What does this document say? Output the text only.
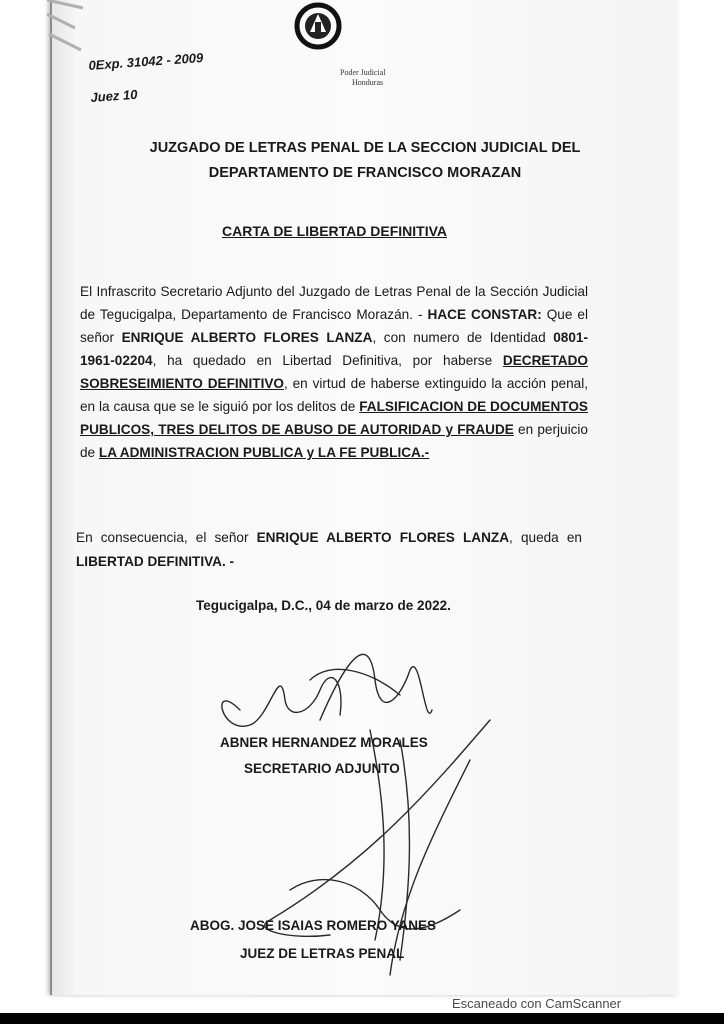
0Exp. 31042 - 2009
Juez 10
Poder Judicial
Honduras
JUZGADO DE LETRAS PENAL DE LA SECCION JUDICIAL DEL
DEPARTAMENTO DE FRANCISCO MORAZAN
CARTA DE LIBERTAD DEFINITIVA
El Infrascrito Secretario Adjunto del Juzgado de Letras Penal de la Sección Judicial
de Tegucigalpa, Departamento de Francisco Morazán. - HACE CONSTAR: Que el
señor ENRIQUE ALBERTO FLORES LANZA, con numero de Identidad 0801-
1961-02204, ha quedado en Libertad Definitiva, por haberse DECRETADO
SOBRESEIMIENTO DEFINITIVO, en virtud de haberse extinguido la acción penal,
en la causa que se le siguió por los delitos de FALSIFICACION DE DOCUMENTOS
PUBLICOS, TRES DELITOS DE ABUSO DE AUTORIDAD y FRAUDE en perjuicio
de LA ADMINISTRACION PUBLICA y LA FE PUBLICA.-
En consecuencia, el señor ENRIQUE ALBERTO FLORES LANZA, queda en
LIBERTAD DEFINITIVA. -
Tegucigalpa, D.C., 04 de marzo de 2022.
ABNER HERNANDEZ MORALES
SECRETARIO ADJUNTO
ABOG. JOSE ISAIAS ROMERO YANES
JUEZ DE LETRAS PENAL
Escaneado con CamScanner
